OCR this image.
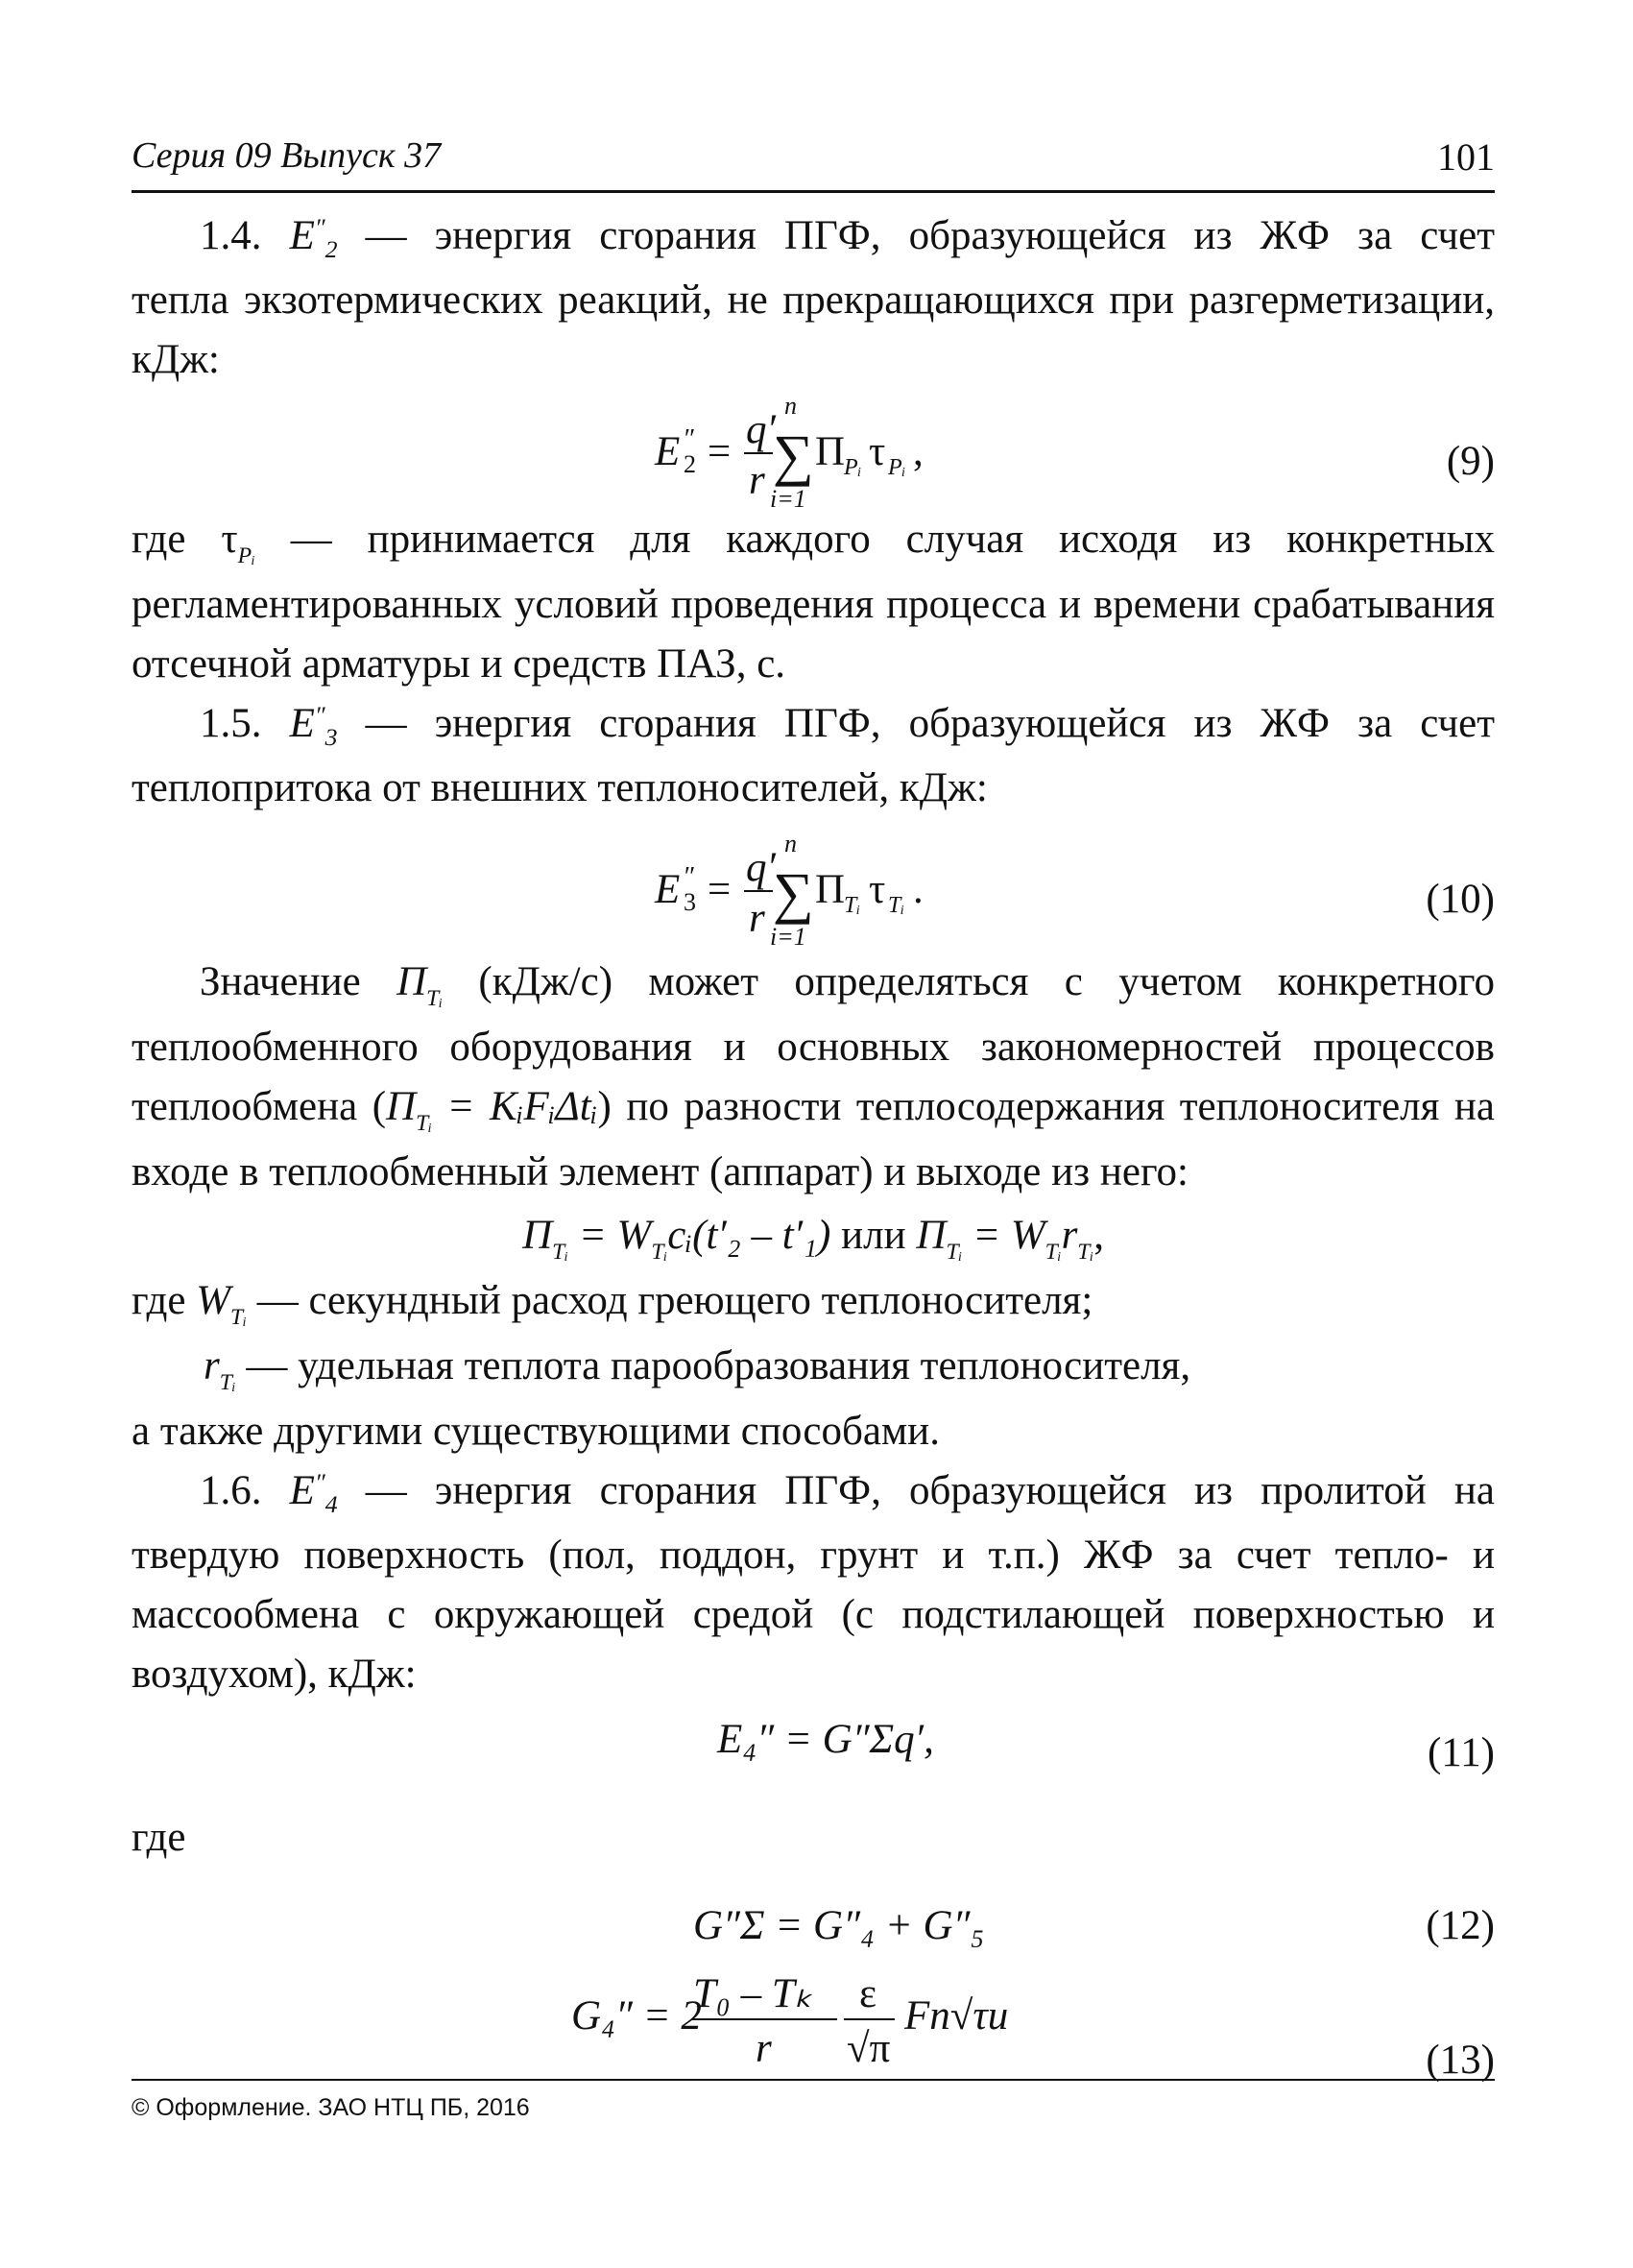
Серия 09 Выпуск 37	101

1.4. $E''_2$ — энергия сгорания ПГФ, образующейся из ЖФ за счет

тепла экзотермических реакций, не прекращающихся при разгерметизации, кДж:

E 2
″ = q′
r
n
∑
i=1
Π
Pᵢ τ Pᵢ ,	(9)

где $\tau_{Pᵢ}$ — принимается для каждого случая исходя из конкретных регламентированных условий проведения процесса и времени срабатывания отсечной арматуры и средств ПАЗ, с.

1.5. $E''_3$ — энергия сгорания ПГФ, образующейся из ЖФ за счет

теплопритока от внешних теплоносителей, кДж:

E 3
″ = q′
r
n
∑
i=1
Π
Tᵢ τ Tᵢ .	(10)

Значение $П_{Tᵢ}$ (кДж/с) может определяться с учетом конкретного теплообменного оборудования и основных закономерностей процессов теплообмена ($П_{Tᵢ}$ = KᵢFᵢΔtᵢ) по разности теплосодержания теплоносителя на входе в теплообменный элемент (аппарат) и выходе из него:

$П_{Tᵢ}$ = $W_{Tᵢ}cᵢ(t'_2 - t'_1)$ или $П_{Tᵢ} = W_{Tᵢ}r_{Tᵢ}$,

где $W_{Tᵢ}$ — секундный расход греющего теплоносителя;

$r_{Tᵢ}$ — удельная теплота парообразования теплоносителя,

а также другими существующими способами.

1.6. $E''_4$ — энергия сгорания ПГФ, образующейся из пролитой на

твердую поверхность (пол, поддон, грунт и т.п.) ЖФ за счет тепло- и массообмена с окружающей средой (с подстилающей поверхностью и воздухом), кДж:

E₄″ = G″Σq′,	(11)

где

G″Σ = G″₄ + G″₅	(12)
G₄″ = 2
T₀ – Tₖ
r
ε
√π
Fп√τи
(13)
© Оформление. ЗАО НТЦ ПБ, 2016
